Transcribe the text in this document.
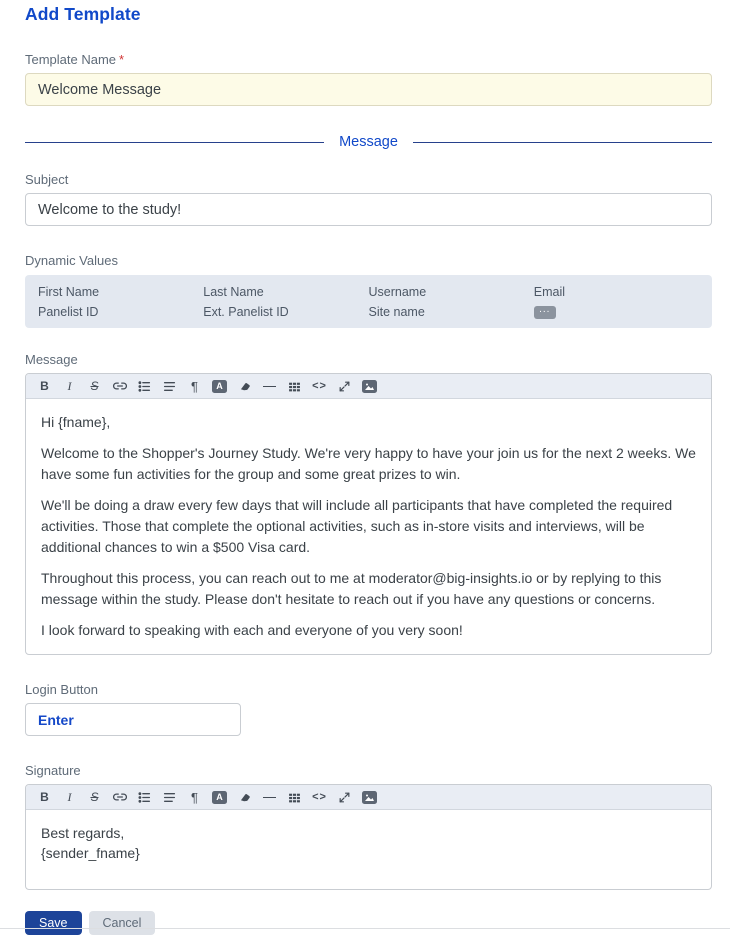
Add Template
Template Name *
Welcome Message
Message
Subject
Welcome to the study!
Dynamic Values
First Name	Last Name	Username	Email
Panelist ID	Ext. Panelist ID	Site name	...
Message
B	I	S	¶	A	<>

Hi {fname},

Welcome to the Shopper's Journey Study. We're very happy to have your join us for the next 2 weeks. We have some fun activities for the group and some great prizes to win.

We'll be doing a draw every few days that will include all participants that have completed the required activities. Those that complete the optional activities, such as in-store visits and interviews, will be additional chances to win a $500 Visa card.

Throughout this process, you can reach out to me at moderator@big-insights.io or by replying to this message within the study. Please don't hesitate to reach out if you have any questions or concerns.

I look forward to speaking with each and everyone of you very soon!

Login Button
Enter
Signature
B	I	S	¶	A	<>
Best regards,
{sender_fname}
Save	Cancel
